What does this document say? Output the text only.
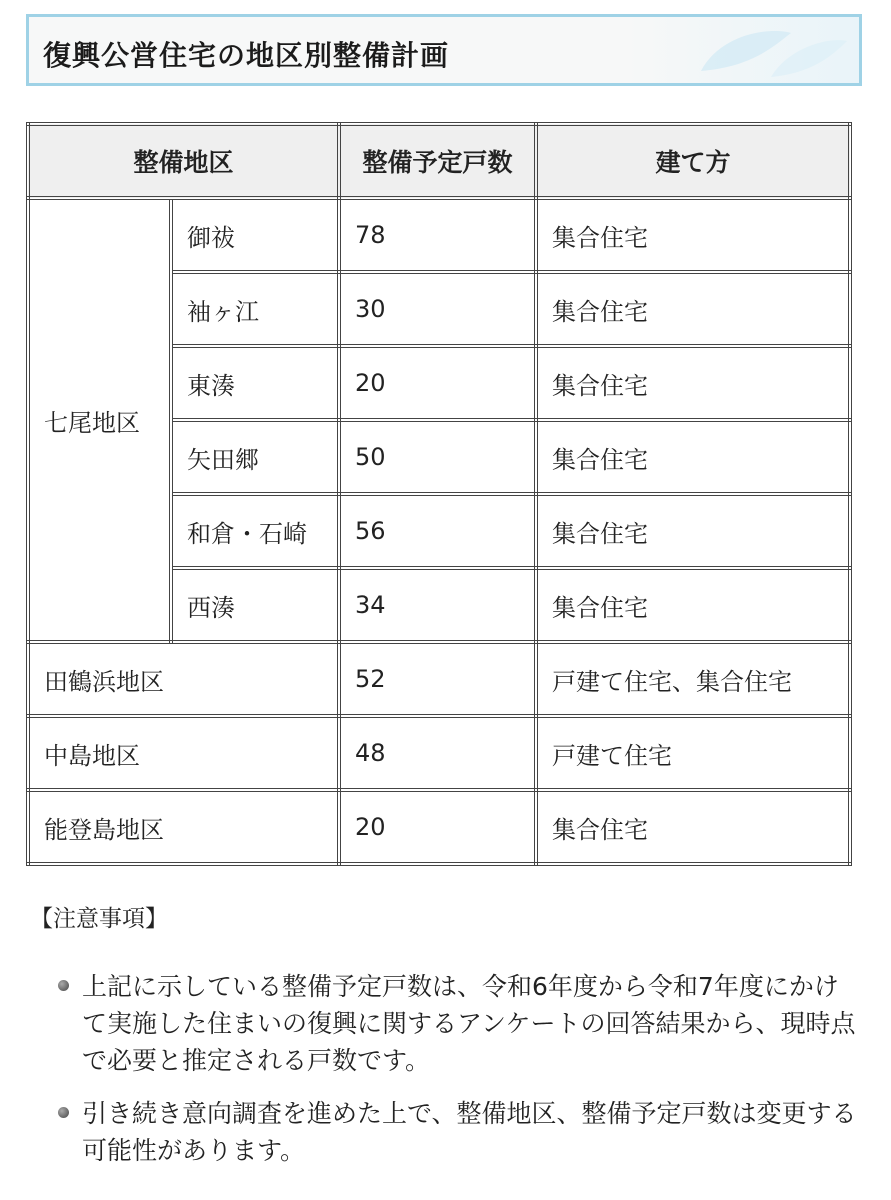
復興公営住宅の地区別整備計画
整備地区		整備予定戸数	建て方
七尾地区	御祓	78	集合住宅
	袖ヶ江	30	集合住宅
	東湊	20	集合住宅
	矢田郷	50	集合住宅
	和倉・石崎	56	集合住宅
	西湊	34	集合住宅
田鶴浜地区		52	戸建て住宅、集合住宅
中島地区		48	戸建て住宅
能登島地区		20	集合住宅
【注意事項】
上記に示している整備予定戸数は、令和6年度から令和7年度にかけて実施した住まいの復興に関するアンケートの回答結果から、現時点で必要と推定される戸数です。
引き続き意向調査を進めた上で、整備地区、整備予定戸数は変更する可能性があります。
